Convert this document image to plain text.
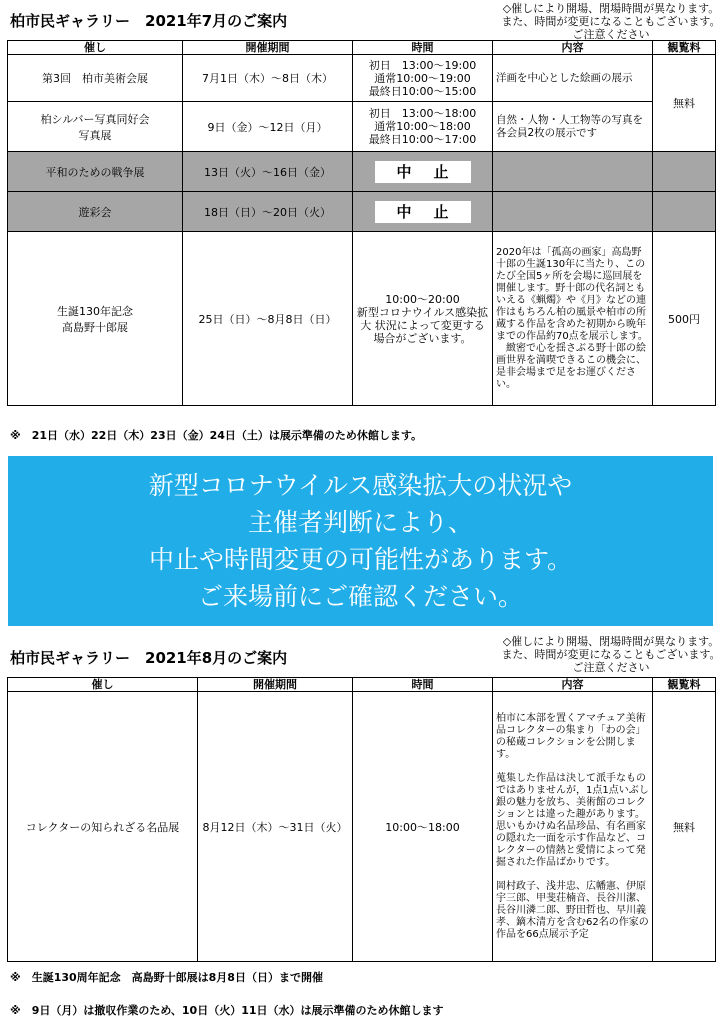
柏市民ギャラリー　2021年7月のご案内
◇催しにより開場、閉場時間が異なります。
また、時間が変更になることもございます。
ご注意ください
催し	開催期間	時間	内容	観覧料
第3回　柏市美術会展	7月1日（木）～8日（木）	初日　13:00～19:00
通常10:00～19:00
最終日10:00～15:00	洋画を中心とした絵画の展示	無料
柏シルバー写真同好会
写真展	9日（金）～12日（月）	初日　13:00～18:00
通常10:00～18:00
最終日10:00～17:00	自然・人物・人工物等の写真を
各会員2枚の展示です	
平和のための戦争展	13日（火）～16日（金）	中止		
遊彩会	18日（日）～20日（火）	中止		
生誕130年記念
高島野十郎展	25日（日）～8月8日（日）	10:00～20:00
新型コロナウイルス感染拡大 状況によって変更する場合がございます。	2020年は「孤高の画家」高島野十郎の生誕130年に当たり、このたび全国5ヶ所を会場に巡回展を開催します。野十郎の代名詞ともいえる《蝋燭》や《月》などの連作はもちろん柏の風景や柏市の所蔵する作品を含めた初期から晩年までの作品約70点を展示します。
　緻密で心を揺さぶる野十郎の絵画世界を満喫できるこの機会に、是非会場まで足をお運びください。	500円
※　21日（水）22日（木）23日（金）24日（土）は展示準備のため休館します。
新型コロナウイルス感染拡大の状況や
主催者判断により、
中止や時間変更の可能性があります。
ご来場前にご確認ください。
柏市民ギャラリー　2021年8月のご案内
◇催しにより開場、閉場時間が異なります。
また、時間が変更になることもございます。
ご注意ください
催し	開催期間	時間	内容	観覧料
コレクターの知られざる名品展	8月12日（木）～31日（火）	10:00～18:00	柏市に本部を置くアマチュア美術品コレクターの集まり「わの会」の秘蔵コレクションを公開します。

蒐集した作品は決して派手なものではありませんが，1点1点いぶし銀の魅力を放ち、美術館のコレクションとは違った趣があります。
思いもかけぬ名品珍品、有名画家の隠れた一面を示す作品など、コレクターの情熱と愛情によって発掘された作品ばかりです。

岡村政子、浅井忠、広幡憲、伊原宇三郎、甲斐荘楠音、長谷川潔、長谷川潾二郎、野田哲也、早川義孝、鏑木清方を含む62名の作家の作品を66点展示予定	無料
※　生誕130周年記念　高島野十郎展は8月8日（日）まで開催
※　9日（月）は撤収作業のため、10日（火）11日（水）は展示準備のため休館します
